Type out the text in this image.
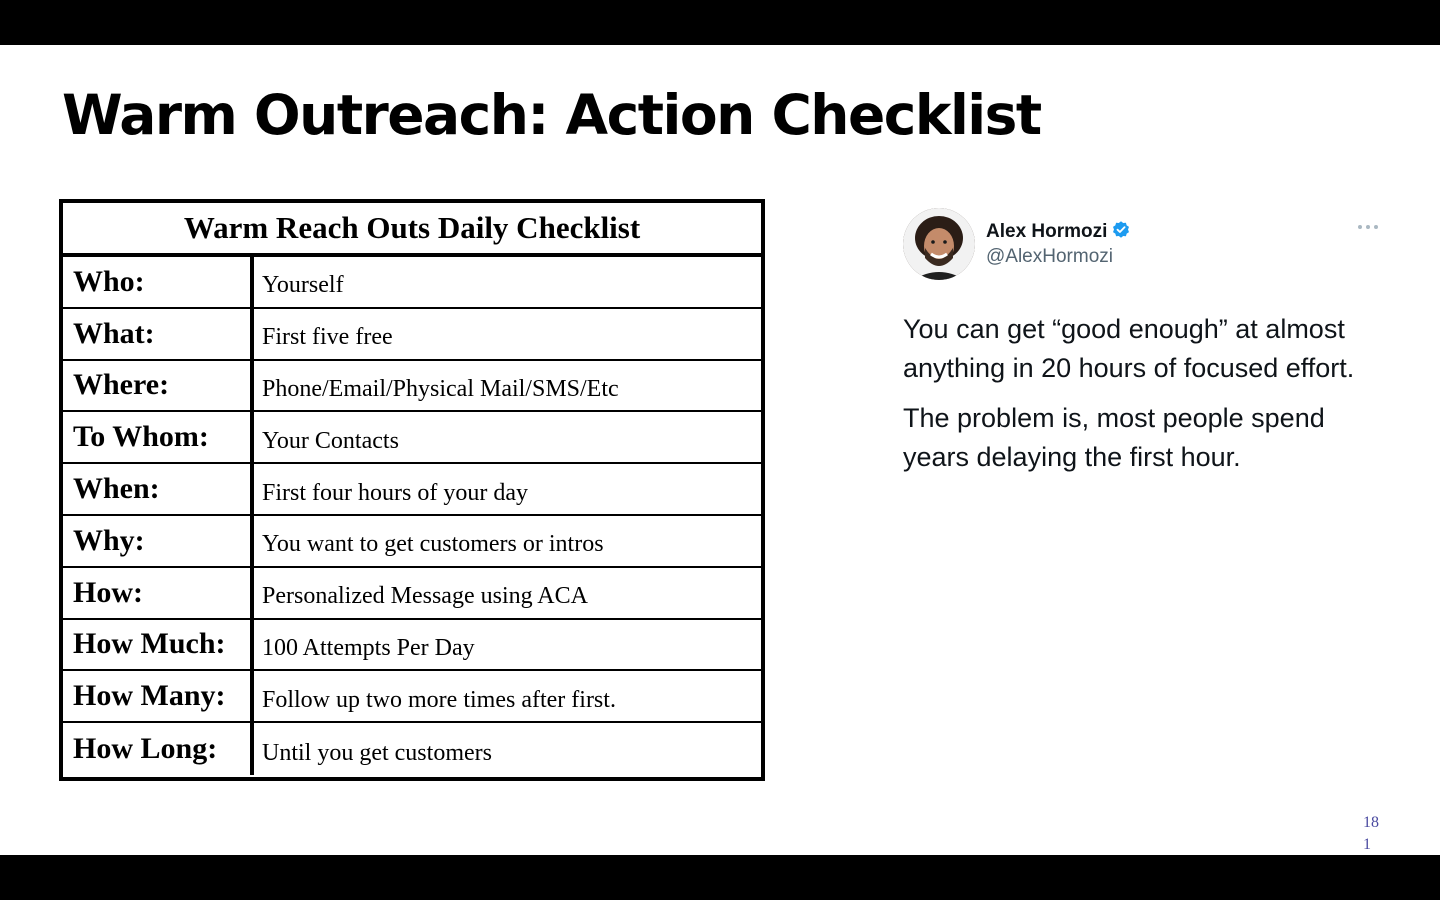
Warm Outreach: Action Checklist
Warm Reach Outs Daily Checklist
Who:	Yourself
What:	First five free
Where:	Phone/Email/Physical Mail/SMS/Etc
To Whom:	Your Contacts
When:	First four hours of your day
Why:	You want to get customers or intros
How:	Personalized Message using ACA
How Much:	100 Attempts Per Day
How Many:	Follow up two more times after first.
How Long:	Until you get customers
Alex Hormozi
@AlexHormozi

You can get “good enough” at almost anything in 20 hours of focused effort.

The problem is, most people spend years delaying the first hour.

18
1
